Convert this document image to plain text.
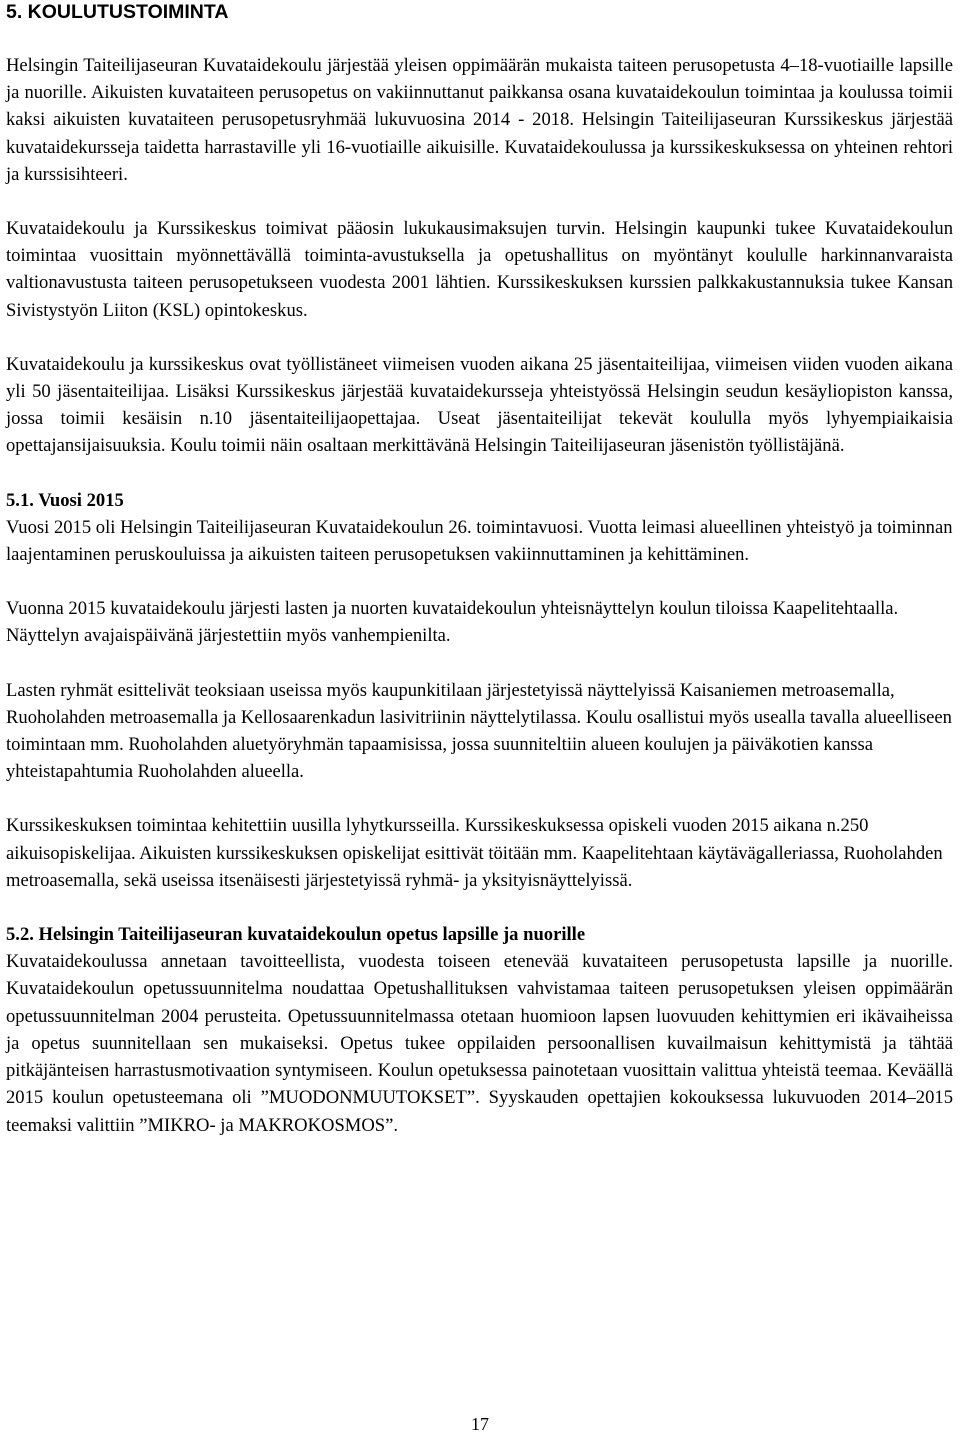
5. KOULUTUSTOIMINTA

Helsingin Taiteilijaseuran Kuvataidekoulu järjestää yleisen oppimäärän mukaista taiteen perusopetusta 4–18-vuotiaille lapsille ja nuorille. Aikuisten kuvataiteen perusopetus on vakiinnuttanut paikkansa osana kuvataidekoulun toimintaa ja koulussa toimii kaksi aikuisten kuvataiteen perusopetusryhmää lukuvuosina 2014 - 2018. Helsingin Taiteilijaseuran Kurssikeskus järjestää kuvataidekursseja taidetta harrastaville yli 16-vuotiaille aikuisille. Kuvataidekoulussa ja kurssikeskuksessa on yhteinen rehtori ja kurssisihteeri.

Kuvataidekoulu ja Kurssikeskus toimivat pääosin lukukausimaksujen turvin. Helsingin kaupunki tukee Kuvataidekoulun toimintaa vuosittain myönnettävällä toiminta-avustuksella ja opetushallitus on myöntänyt koululle harkinnanvaraista valtionavustusta taiteen perusopetukseen vuodesta 2001 lähtien. Kurssikeskuksen kurssien palkkakustannuksia tukee Kansan Sivistystyön Liiton (KSL) opintokeskus.

Kuvataidekoulu ja kurssikeskus ovat työllistäneet viimeisen vuoden aikana 25 jäsentaiteilijaa, viimeisen viiden vuoden aikana yli 50 jäsentaiteilijaa. Lisäksi Kurssikeskus järjestää kuvataidekursseja yhteistyössä Helsingin seudun kesäyliopiston kanssa, jossa toimii kesäisin n.10 jäsentaiteilijaopettajaa. Useat jäsentaiteilijat tekevät koululla myös lyhyempiaikaisia opettajansijaisuuksia. Koulu toimii näin osaltaan merkittävänä Helsingin Taiteilijaseuran jäsenistön työllistäjänä.

5.1. Vuosi 2015

Vuosi 2015 oli Helsingin Taiteilijaseuran Kuvataidekoulun 26. toimintavuosi. Vuotta leimasi alueellinen yhteistyö ja toiminnan laajentaminen peruskouluissa ja aikuisten taiteen perusopetuksen vakiinnuttaminen ja kehittäminen.

Vuonna 2015 kuvataidekoulu järjesti lasten ja nuorten kuvataidekoulun yhteisnäyttelyn koulun tiloissa Kaapelitehtaalla. Näyttelyn avajaispäivänä järjestettiin myös vanhempienilta.

Lasten ryhmät esittelivät teoksiaan useissa myös kaupunkitilaan järjestetyissä näyttelyissä Kaisaniemen metroasemalla, Ruoholahden metroasemalla ja Kellosaarenkadun lasivitriinin näyttelytilassa. Koulu osallistui myös usealla tavalla alueelliseen toimintaan mm. Ruoholahden aluetyöryhmän tapaamisissa, jossa suunniteltiin alueen koulujen ja päiväkotien kanssa yhteistapahtumia Ruoholahden alueella.

Kurssikeskuksen toimintaa kehitettiin uusilla lyhytkursseilla. Kurssikeskuksessa opiskeli vuoden 2015 aikana n.250 aikuisopiskelijaa. Aikuisten kurssikeskuksen opiskelijat esittivät töitään mm. Kaapelitehtaan käytävägalleriassa, Ruoholahden metroasemalla, sekä useissa itsenäisesti järjestetyissä ryhmä- ja yksityisnäyttelyissä.

5.2. Helsingin Taiteilijaseuran kuvataidekoulun opetus lapsille ja nuorille

Kuvataidekoulussa annetaan tavoitteellista, vuodesta toiseen etenevää kuvataiteen perusopetusta lapsille ja nuorille. Kuvataidekoulun opetussuunnitelma noudattaa Opetushallituksen vahvistamaa taiteen perusopetuksen yleisen oppimäärän opetussuunnitelman 2004 perusteita. Opetussuunnitelmassa otetaan huomioon lapsen luovuuden kehittymien eri ikävaiheissa ja opetus suunnitellaan sen mukaiseksi. Opetus tukee oppilaiden persoonallisen kuvailmaisun kehittymistä ja tähtää pitkäjänteisen harrastusmotivaation syntymiseen. Koulun opetuksessa painotetaan vuosittain valittua yhteistä teemaa. Keväällä 2015 koulun opetusteemana oli ”MUODONMUUTOKSET”. Syyskauden opettajien kokouksessa lukuvuoden 2014–2015 teemaksi valittiin ”MIKRO- ja MAKROKOSMOS”.

17
